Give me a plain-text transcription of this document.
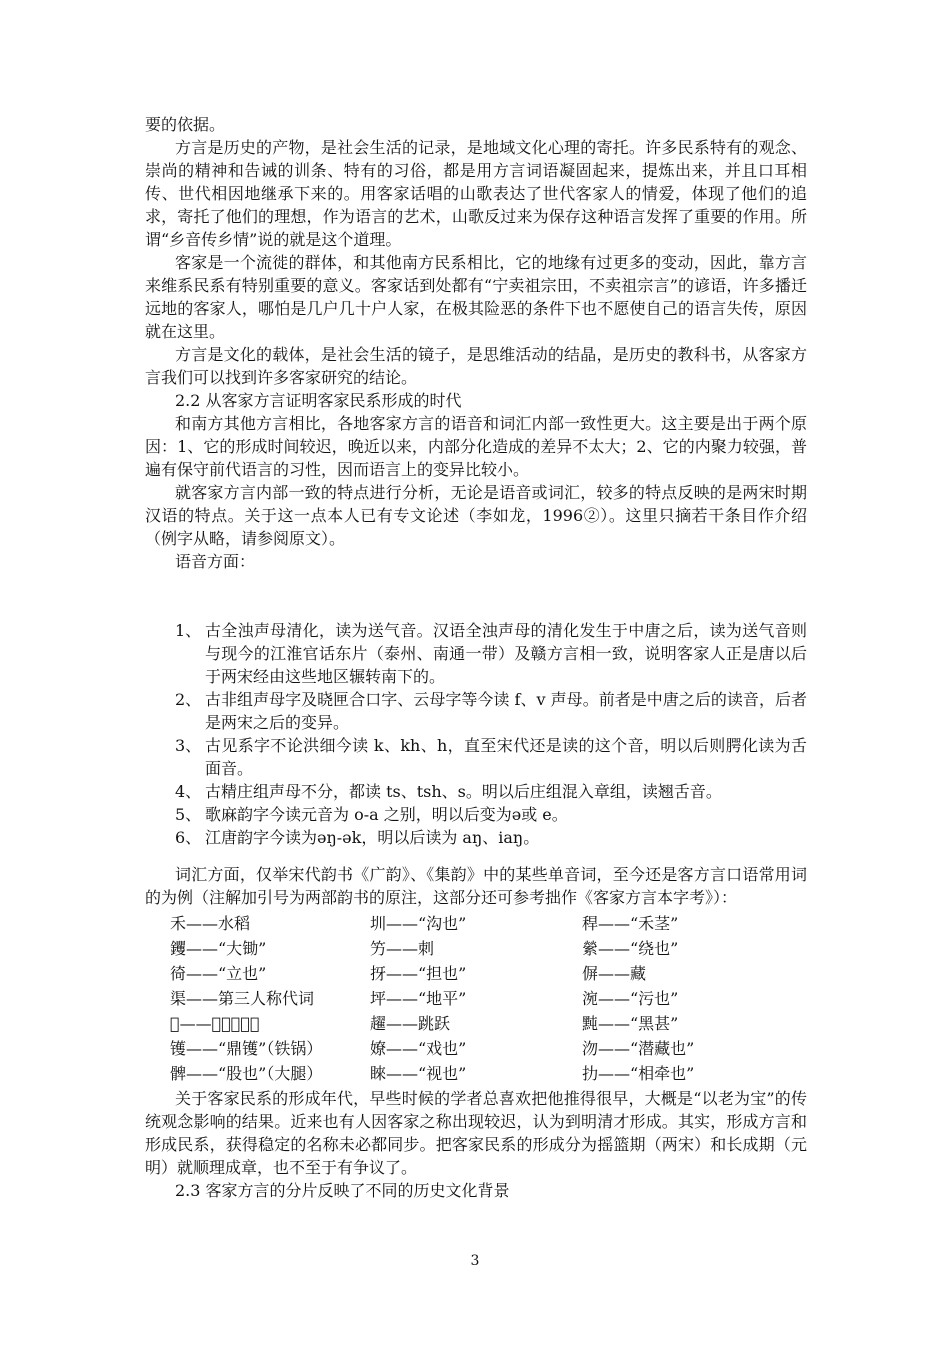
要的依据。

方言是历史的产物，是社会生活的记录，是地域文化心理的寄托。许多民系特有的观念、崇尚的精神和告诫的训条、特有的习俗，都是用方言词语凝固起来，提炼出来，并且口耳相传、世代相因地继承下来的。用客家话唱的山歌表达了世代客家人的情爱，体现了他们的追求，寄托了他们的理想，作为语言的艺术，山歌反过来为保存这种语言发挥了重要的作用。所谓“乡音传乡情”说的就是这个道理。

客家是一个流徙的群体，和其他南方民系相比，它的地缘有过更多的变动，因此，靠方言来维系民系有特别重要的意义。客家话到处都有“宁卖祖宗田，不卖祖宗言”的谚语，许多播迁远地的客家人，哪怕是几户几十户人家，在极其险恶的条件下也不愿使自己的语言失传，原因就在这里。

方言是文化的载体，是社会生活的镜子，是思维活动的结晶，是历史的教科书，从客家方言我们可以找到许多客家研究的结论。

2.2 从客家方言证明客家民系形成的时代

和南方其他方言相比，各地客家方言的语音和词汇内部一致性更大。这主要是出于两个原因：1、它的形成时间较迟，晚近以来，内部分化造成的差异不太大；2、它的内聚力较强，普遍有保守前代语言的习性，因而语言上的变异比较小。

就客家方言内部一致的特点进行分析，无论是语音或词汇，较多的特点反映的是两宋时期汉语的特点。关于这一点本人已有专文论述（李如龙，1996②）。这里只摘若干条目作介绍（例字从略，请参阅原文）。

语音方面：

1、 古全浊声母清化，读为送气音。汉语全浊声母的清化发生于中唐之后，读为送气音则与现今的江淮官话东片（泰州、南通一带）及赣方言相一致，说明客家人正是唐以后于两宋经由这些地区辗转南下的。
2、 古非组声母字及晓匣合口字、云母字等今读 f、v 声母。前者是中唐之后的读音，后者是两宋之后的变异。
3、 古见系字不论洪细今读 k、kh、h，直至宋代还是读的这个音，明以后则腭化读为舌面音。
4、 古精庄组声母不分，都读 ts、tsh、s。明以后庄组混入章组，读翘舌音。
5、 歌麻韵字今读元音为 o-a 之别，明以后变为ə或 e。
6、 江唐韵字今读为əŋ-ək，明以后读为 aŋ、iaŋ。

词汇方面，仅举宋代韵书《广韵》、《集韵》中的某些单音词，至今还是客方言口语常用词的为例（注解加引号为两部韵书的原注，这部分还可参考拙作《客家方言本字考》）：

禾——水稻	圳——“沟也”	稈——“禾茎”
钁——“大锄”	竻——刺	縈——“绕也”
徛——“立也”	㧎——“担也”	偋——藏
渠——第三人称代词	坪——“地平”	涴——“污也”
𨃼——脚𨃼，脚跟	趯——跳跃	黗——“黑甚”
镬——“鼎镬”（铁锅）	嫽——“戏也”	沕——“潜藏也”
髀——“股也”（大腿）	睞——“视也”	扐——“相牵也”

关于客家民系的形成年代，早些时候的学者总喜欢把他推得很早，大概是“以老为宝”的传统观念影响的结果。近来也有人因客家之称出现较迟，认为到明清才形成。其实，形成方言和形成民系，获得稳定的名称未必都同步。把客家民系的形成分为摇篮期（两宋）和长成期（元明）就顺理成章，也不至于有争议了。

2.3 客家方言的分片反映了不同的历史文化背景

3
